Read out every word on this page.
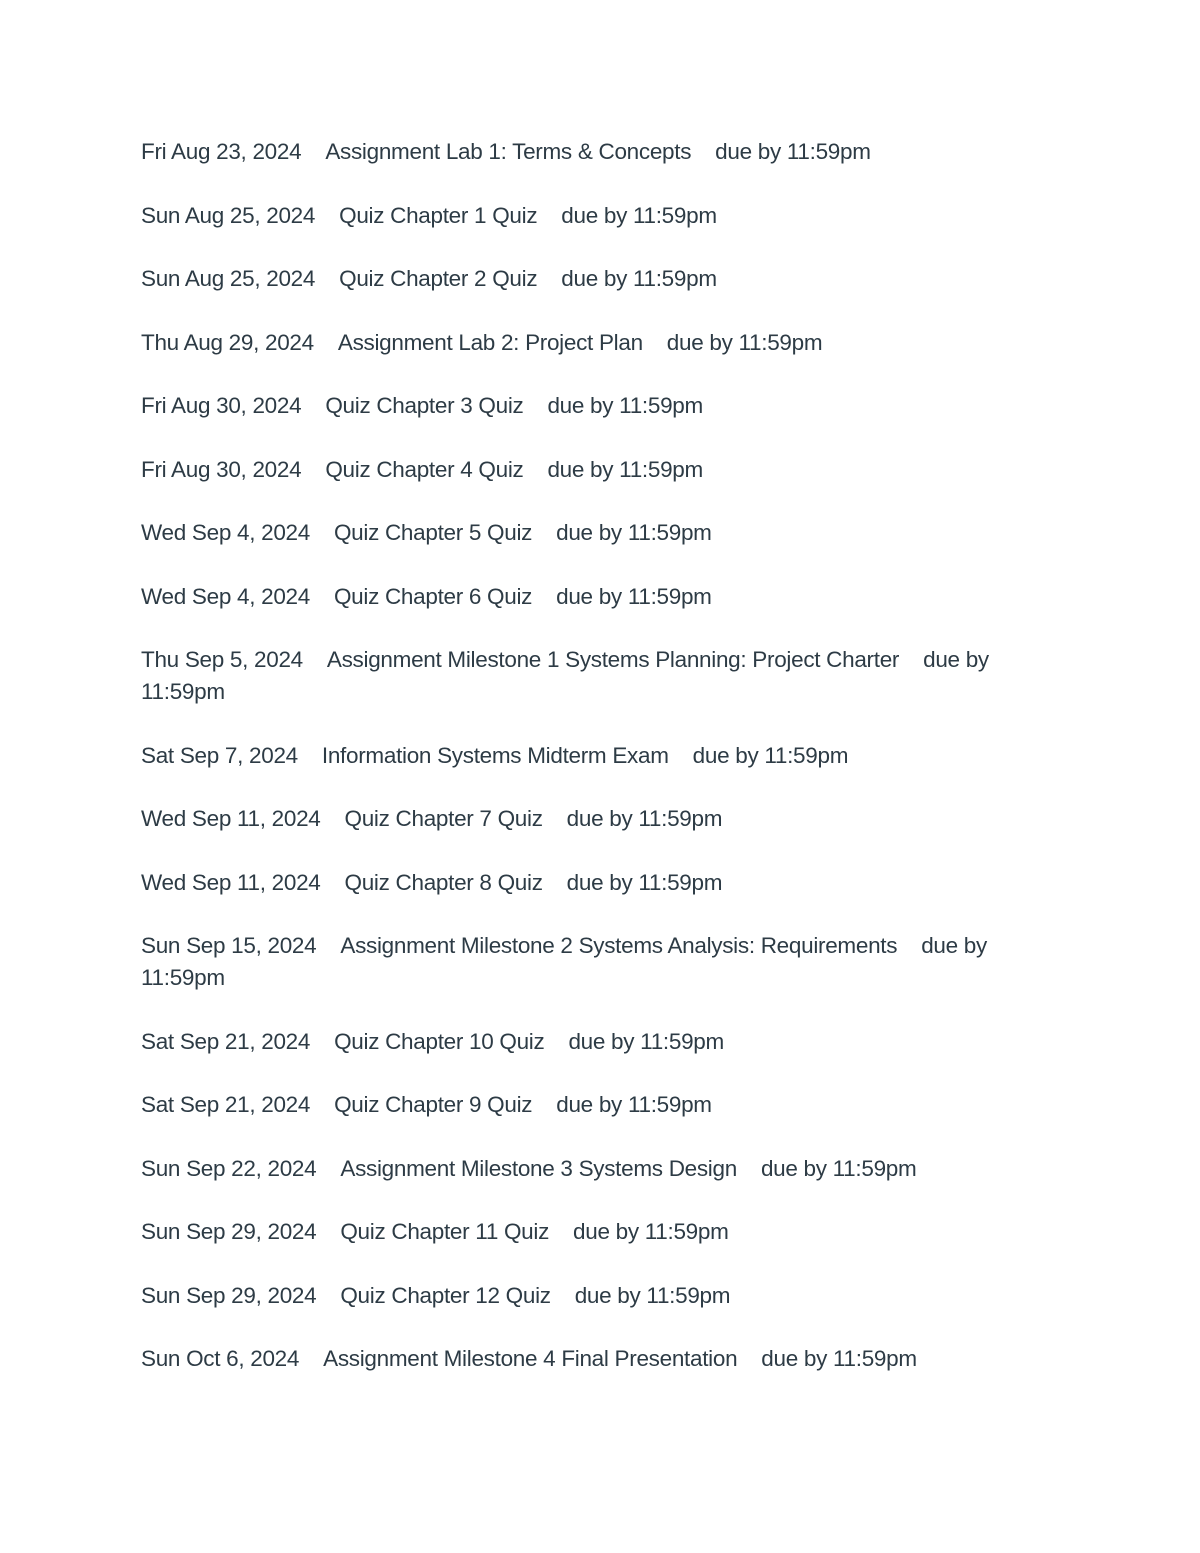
Fri Aug 23, 2024 Assignment Lab 1: Terms & Concepts due by 11:59pm
Sun Aug 25, 2024 Quiz Chapter 1 Quiz due by 11:59pm
Sun Aug 25, 2024 Quiz Chapter 2 Quiz due by 11:59pm
Thu Aug 29, 2024 Assignment Lab 2: Project Plan due by 11:59pm
Fri Aug 30, 2024 Quiz Chapter 3 Quiz due by 11:59pm
Fri Aug 30, 2024 Quiz Chapter 4 Quiz due by 11:59pm
Wed Sep 4, 2024 Quiz Chapter 5 Quiz due by 11:59pm
Wed Sep 4, 2024 Quiz Chapter 6 Quiz due by 11:59pm
Thu Sep 5, 2024 Assignment Milestone 1 Systems Planning: Project Charter due by 11:59pm
Sat Sep 7, 2024 Information Systems Midterm Exam due by 11:59pm
Wed Sep 11, 2024 Quiz Chapter 7 Quiz due by 11:59pm
Wed Sep 11, 2024 Quiz Chapter 8 Quiz due by 11:59pm
Sun Sep 15, 2024 Assignment Milestone 2 Systems Analysis: Requirements due by 11:59pm
Sat Sep 21, 2024 Quiz Chapter 10 Quiz due by 11:59pm
Sat Sep 21, 2024 Quiz Chapter 9 Quiz due by 11:59pm
Sun Sep 22, 2024 Assignment Milestone 3 Systems Design due by 11:59pm
Sun Sep 29, 2024 Quiz Chapter 11 Quiz due by 11:59pm
Sun Sep 29, 2024 Quiz Chapter 12 Quiz due by 11:59pm
Sun Oct 6, 2024 Assignment Milestone 4 Final Presentation due by 11:59pm
